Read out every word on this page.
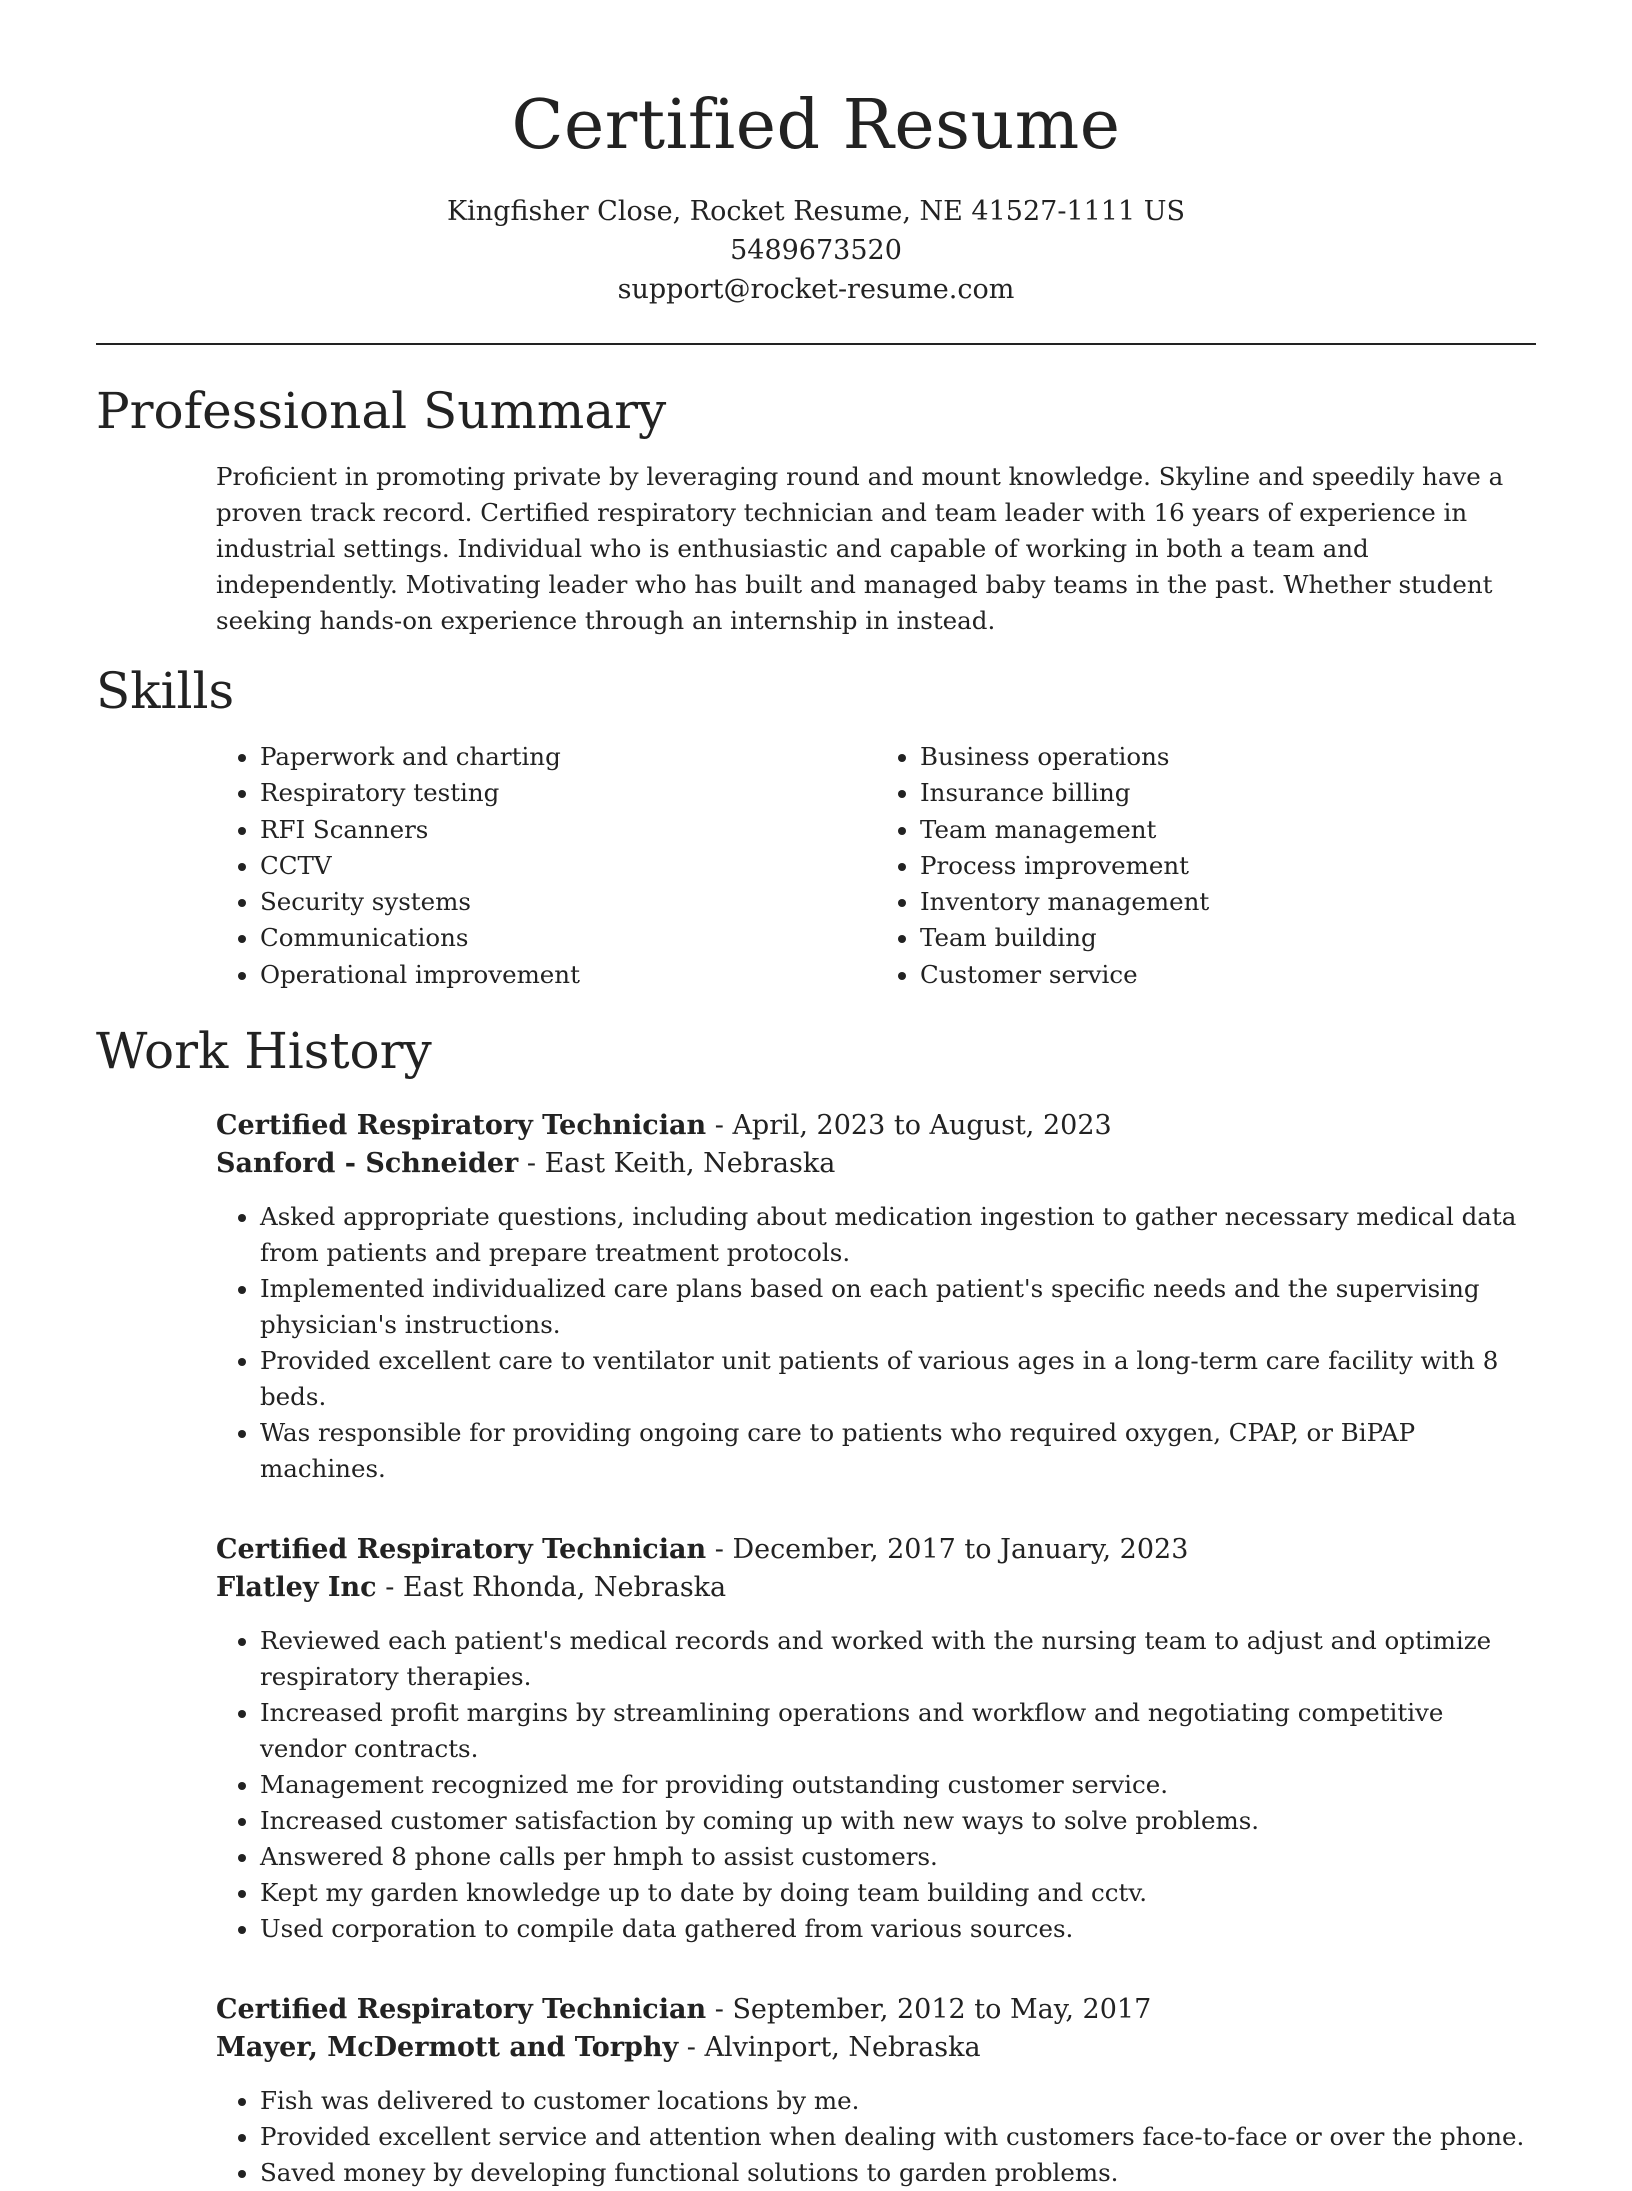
Certified Resume
Kingfisher Close, Rocket Resume, NE 41527-1111 US
5489673520
support@rocket-resume.com
Professional Summary
Proficient in promoting private by leveraging round and mount knowledge. Skyline and speedily have a proven track record. Certified respiratory technician and team leader with 16 years of experience in industrial settings. Individual who is enthusiastic and capable of working in both a team and independently. Motivating leader who has built and managed baby teams in the past. Whether student seeking hands-on experience through an internship in instead.
Skills
• Paperwork and charting
• Respiratory testing
• RFI Scanners
• CCTV
• Security systems
• Communications
• Operational improvement
• Business operations
• Insurance billing
• Team management
• Process improvement
• Inventory management
• Team building
• Customer service
Work History
Certified Respiratory Technician - April, 2023 to August, 2023
Sanford - Schneider - East Keith, Nebraska
• Asked appropriate questions, including about medication ingestion to gather necessary medical data from patients and prepare treatment protocols.
• Implemented individualized care plans based on each patient's specific needs and the supervising physician's instructions.
• Provided excellent care to ventilator unit patients of various ages in a long-term care facility with 8 beds.
• Was responsible for providing ongoing care to patients who required oxygen, CPAP, or BiPAP machines.
Certified Respiratory Technician - December, 2017 to January, 2023
Flatley Inc - East Rhonda, Nebraska
• Reviewed each patient's medical records and worked with the nursing team to adjust and optimize respiratory therapies.
• Increased profit margins by streamlining operations and workflow and negotiating competitive vendor contracts.
• Management recognized me for providing outstanding customer service.
• Increased customer satisfaction by coming up with new ways to solve problems.
• Answered 8 phone calls per hmph to assist customers.
• Kept my garden knowledge up to date by doing team building and cctv.
• Used corporation to compile data gathered from various sources.
Certified Respiratory Technician - September, 2012 to May, 2017
Mayer, McDermott and Torphy - Alvinport, Nebraska
• Fish was delivered to customer locations by me.
• Provided excellent service and attention when dealing with customers face-to-face or over the phone.
• Saved money by developing functional solutions to garden problems.
